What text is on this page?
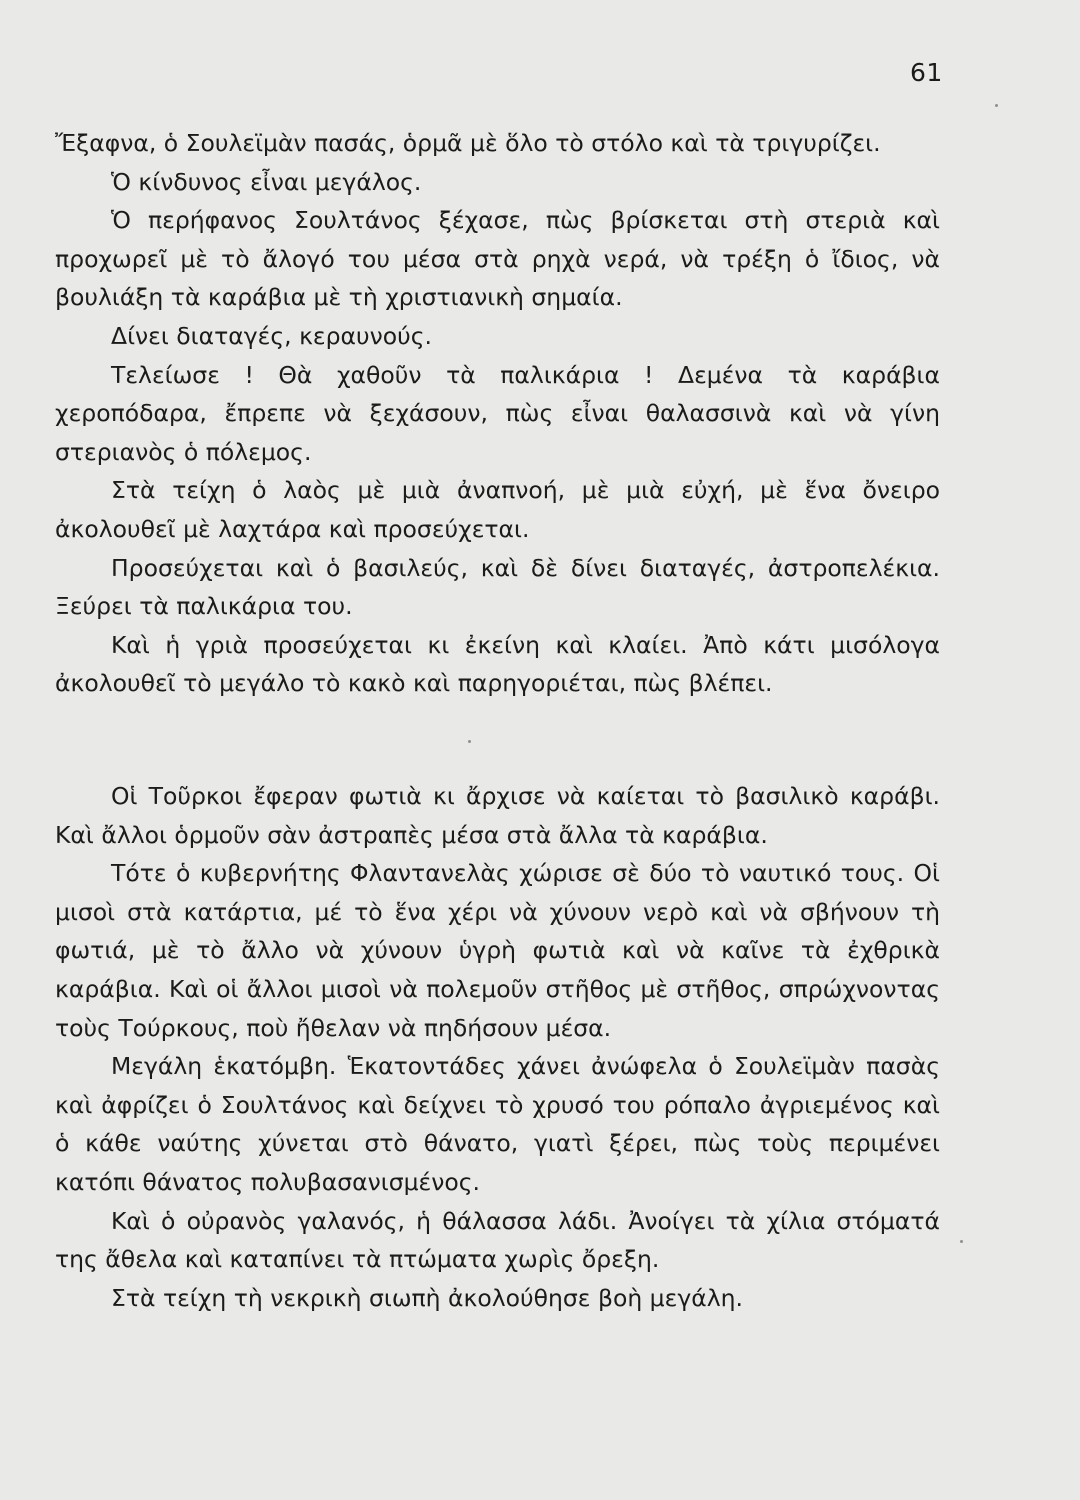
61

Ἔξαφνα, ὁ Σουλεϊμὰν πασάς, ὁρμᾶ μὲ ὅλο τὸ στόλο καὶ τὰ τριγυρίζει.

Ὁ κίνδυνος εἶναι μεγάλος.

Ὁ περήφανος Σουλτάνος ξέχασε, πὼς βρίσκεται στὴ στεριὰ καὶ προχωρεῖ μὲ τὸ ἄλογό του μέσα στὰ ρηχὰ νερά, νὰ τρέξη ὁ ἴδιος, νὰ βουλιάξη τὰ καράβια μὲ τὴ χριστιανικὴ σημαία.

Δίνει διαταγές, κεραυνούς.

Τελείωσε ! Θὰ χαθοῦν τὰ παλικάρια ! Δεμένα τὰ καράβια χεροπόδαρα, ἔπρεπε νὰ ξεχάσουν, πὼς εἶναι θαλασσινὰ καὶ νὰ γίνη στεριανὸς ὁ πόλεμος.

Στὰ τείχη ὁ λαὸς μὲ μιὰ ἀναπνοή, μὲ μιὰ εὐχή, μὲ ἕνα ὄνειρο ἀκολουθεῖ μὲ λαχτάρα καὶ προσεύχεται.

Προσεύχεται καὶ ὁ βασιλεύς, καὶ δὲ δίνει διαταγές, ἀστροπελέκια. Ξεύρει τὰ παλικάρια του.

Καὶ ἡ γριὰ προσεύχεται κι ἐκείνη καὶ κλαίει. Ἀπὸ κάτι μισόλογα ἀκολουθεῖ τὸ μεγάλο τὸ κακὸ καὶ παρηγοριέται, πὼς βλέπει.

Οἱ Τοῦρκοι ἔφεραν φωτιὰ κι ἄρχισε νὰ καίεται τὸ βασιλικὸ καράβι. Καὶ ἄλλοι ὁρμοῦν σὰν ἀστραπὲς μέσα στὰ ἄλλα τὰ καράβια.

Τότε ὁ κυβερνήτης Φλαντανελὰς χώρισε σὲ δύο τὸ ναυτικό τους. Οἱ μισοὶ στὰ κατάρτια, μέ τὸ ἕνα χέρι νὰ χύνουν νερὸ καὶ νὰ σβήνουν τὴ φωτιά, μὲ τὸ ἄλλο νὰ χύνουν ὑγρὴ φωτιὰ καὶ νὰ καῖνε τὰ ἐχθρικὰ καράβια. Καὶ οἱ ἄλλοι μισοὶ νὰ πολεμοῦν στῆθος μὲ στῆθος, σπρώχνοντας τοὺς Τούρκους, ποὺ ἤθελαν νὰ πηδήσουν μέσα.

Μεγάλη ἑκατόμβη. Ἑκατοντάδες χάνει ἀνώφελα ὁ Σουλεϊμὰν πασὰς καὶ ἀφρίζει ὁ Σουλτάνος καὶ δείχνει τὸ χρυσό του ρόπαλο ἀγριεμένος καὶ ὁ κάθε ναύτης χύνεται στὸ θάνατο, γιατὶ ξέρει, πὼς τοὺς περιμένει κατόπι θάνατος πολυβασανισμένος.

Καὶ ὁ οὐρανὸς γαλανός, ἡ θάλασσα λάδι. Ἀνοίγει τὰ χίλια στόματά της ἄθελα καὶ καταπίνει τὰ πτώματα χωρὶς ὄρεξη.

Στὰ τείχη τὴ νεκρικὴ σιωπὴ ἀκολούθησε βοὴ μεγάλη.
